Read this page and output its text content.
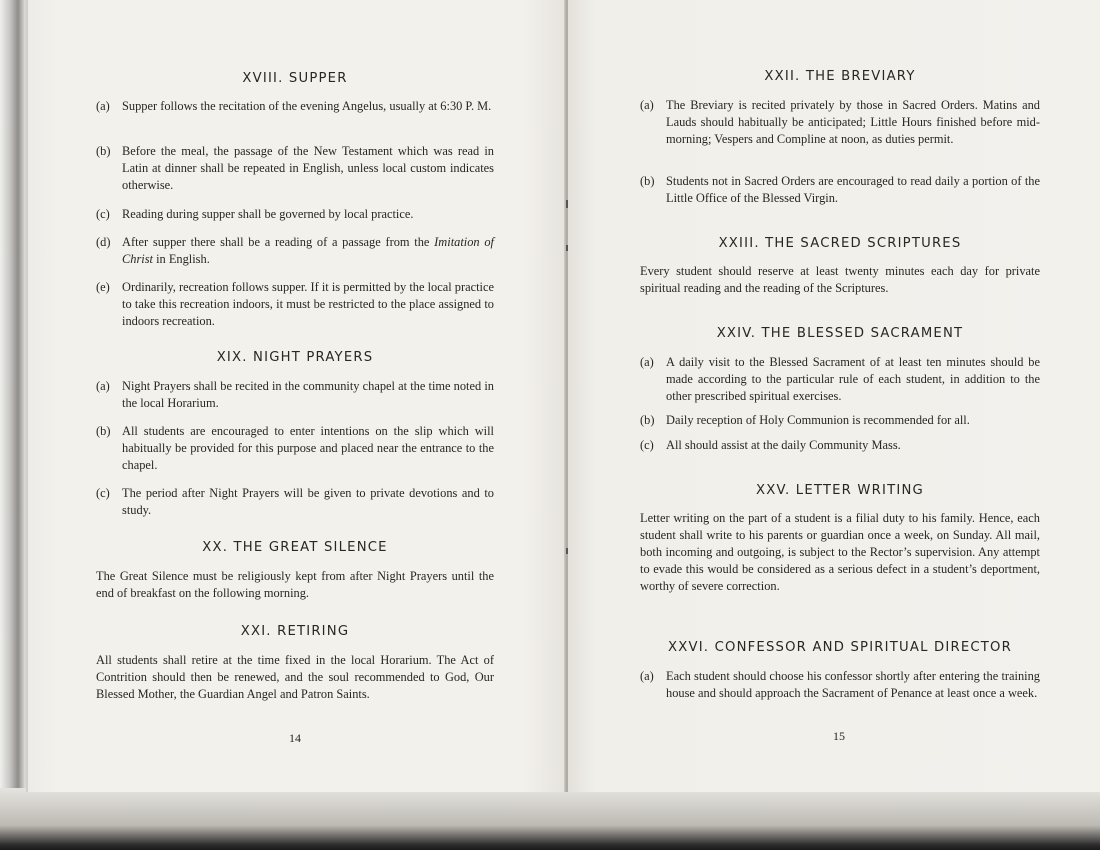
XVIII. SUPPER
(a) Supper follows the recitation of the evening Angelus, usually at 6:30 P. M.
(b) Before the meal, the passage of the New Testament which was read in Latin at dinner shall be repeated in English, unless local custom indicates otherwise.
(c) Reading during supper shall be governed by local practice.
(d) After supper there shall be a reading of a passage from the Imitation of Christ in English.
(e) Ordinarily, recreation follows supper. If it is permitted by the local practice to take this recreation indoors, it must be restricted to the place assigned to indoors recreation.
XIX. NIGHT PRAYERS
(a) Night Prayers shall be recited in the community chapel at the time noted in the local Horarium.
(b) All students are encouraged to enter intentions on the slip which will habitually be provided for this purpose and placed near the entrance to the chapel.
(c) The period after Night Prayers will be given to private devotions and to study.
XX. THE GREAT SILENCE
The Great Silence must be religiously kept from after Night Prayers until the end of breakfast on the following morning.
XXI. RETIRING
All students shall retire at the time fixed in the local Horarium. The Act of Contrition should then be renewed, and the soul recommended to God, Our Blessed Mother, the Guardian Angel and Patron Saints.
14
XXII. THE BREVIARY
(a) The Breviary is recited privately by those in Sacred Orders. Matins and Lauds should habitually be anticipated; Little Hours finished before mid-morning; Vespers and Compline at noon, as duties permit.
(b) Students not in Sacred Orders are encouraged to read daily a portion of the Little Office of the Blessed Virgin.
XXIII. THE SACRED SCRIPTURES
Every student should reserve at least twenty minutes each day for private spiritual reading and the reading of the Scriptures.
XXIV. THE BLESSED SACRAMENT
(a) A daily visit to the Blessed Sacrament of at least ten minutes should be made according to the particular rule of each student, in addition to the other prescribed spiritual exercises.
(b) Daily reception of Holy Communion is recommended for all.
(c) All should assist at the daily Community Mass.
XXV. LETTER WRITING
Letter writing on the part of a student is a filial duty to his family. Hence, each student shall write to his parents or guardian once a week, on Sunday. All mail, both incoming and outgoing, is subject to the Rector’s supervision. Any attempt to evade this would be considered as a serious defect in a student’s deportment, worthy of severe correction.
XXVI. CONFESSOR AND SPIRITUAL DIRECTOR
(a) Each student should choose his confessor shortly after entering the training house and should approach the Sacrament of Penance at least once a week.
15
